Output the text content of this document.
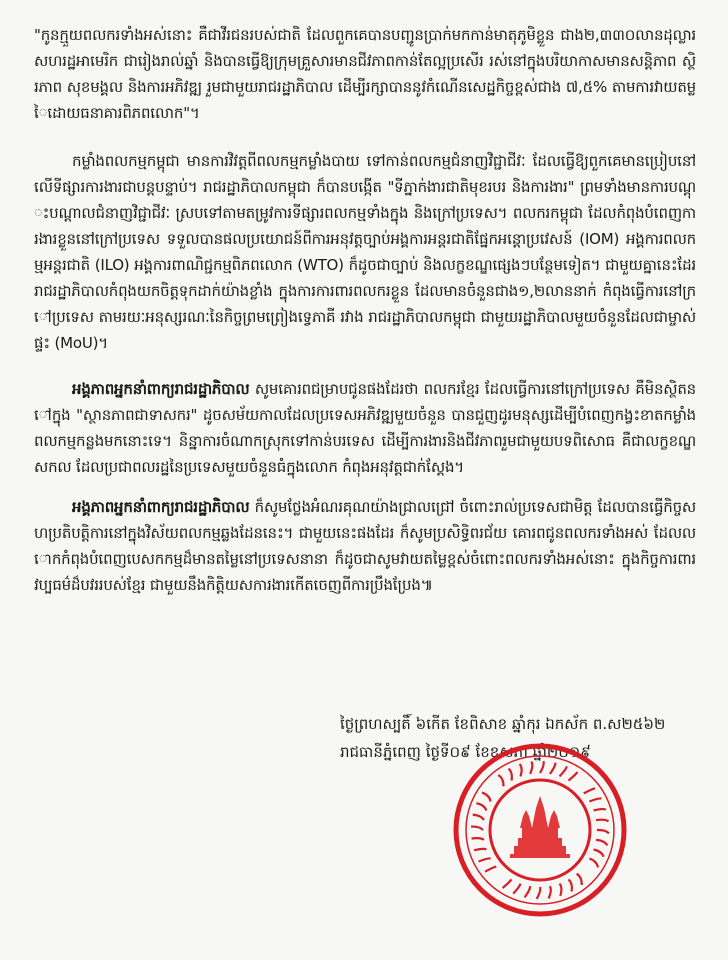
"កូនក្មួយពលករទាំងអស់នោះ គឺជាវីរជនរបស់ជាតិ ដែលពួកគេបានបញ្ជូនប្រាក់មកកាន់មាតុភូមិខ្លួន ជាង២,៣៣០លានដុល្លារសហរដ្ឋអាមេរិក ជារៀងរាល់ឆ្នាំ និងបានធ្វើឱ្យក្រុមគ្រួសារមានជីវភាពកាន់តែល្អប្រសើរ រស់នៅក្នុងបរិយាកាសមានសន្តិភាព ស្ថិរភាព សុខមង្គល និងការអភិវឌ្ឍ រួមជាមួយរាជរដ្ឋាភិបាល ដើម្បីរក្សាបាននូវកំណើនសេដ្ឋកិច្ចខ្ពស់ជាង ៧,៥% តាមការវាយតម្លៃដោយធនាគារពិភពលោក"។

កម្លាំងពលកម្មកម្ពុជា មានការវិវត្តពីពលកម្មកម្លាំងបាយ ទៅកាន់ពលកម្មជំនាញវិជ្ជាជីវៈ ដែលធ្វើឱ្យពួកគេមានប្រៀបនៅលើទីផ្សារការងារជាបន្តបន្ទាប់។ រាជរដ្ឋាភិបាលកម្ពុជា ក៏បានបង្កើត "ទីភ្នាក់ងារជាតិមុខរបរ និងការងារ" ព្រមទាំងមានការបណ្តុះបណ្តាលជំនាញវិជ្ជាជីវៈ ស្របទៅតាមតម្រូវការទីផ្សារពលកម្មទាំងក្នុង និងក្រៅប្រទេស។ ពលករកម្ពុជា ដែលកំពុងបំពេញការងារខ្លួននៅក្រៅប្រទេស ទទួលបានផលប្រយោជន៍ពីការអនុវត្តច្បាប់អង្គការអន្តរជាតិផ្នែកអន្តោប្រវេសន៍ (IOM) អង្គការពលកម្មអន្តរជាតិ (ILO) អង្គការពាណិជ្ជកម្មពិភពលោក (WTO) ក៏ដូចជាច្បាប់ និងលក្ខខណ្ឌផ្សេងៗបន្ថែមទៀត។ ជាមួយគ្នានេះដែរ រាជរដ្ឋាភិបាលកំពុងយកចិត្តទុកដាក់យ៉ាងខ្លាំង ក្នុងការការពារពលករខ្លួន ដែលមានចំនួនជាង១,២លាននាក់ កំពុងធ្វើការនៅក្រៅប្រទេស តាមរយៈអនុស្សរណៈនៃកិច្ចព្រមព្រៀងទ្វេភាគី រវាង រាជរដ្ឋាភិបាលកម្ពុជា ជាមួយរដ្ឋាភិបាលមួយចំនួនដែលជាម្ចាស់ផ្ទះ (MoU)។

អង្គភាពអ្នកនាំពាក្យរាជរដ្ឋាភិបាល សូមគោរពជម្រាបជូនផងដែរថា ពលករខ្មែរ ដែលធ្វើការនៅក្រៅប្រទេស គឺមិនស្ថិតនៅក្នុង "ស្ថានភាពជាទាសករ" ដូចសម័យកាលដែលប្រទេសអភិវឌ្ឍមួយចំនួន បានជួញដូរមនុស្សដើម្បីបំពេញកង្វះខាតកម្លាំងពលកម្មកន្លងមកនោះទេ។ និន្នាការចំណាកស្រុកទៅកាន់បរទេស ដើម្បីការងារនិងជីវភាពរួមជាមួយបទពិសោធ គឺជាលក្ខខណ្ឌសកល ដែលប្រជាពលរដ្ឋនៃប្រទេសមួយចំនួនធំក្នុងលោក កំពុងអនុវត្តជាក់ស្តែង។

អង្គភាពអ្នកនាំពាក្យរាជរដ្ឋាភិបាល ក៏សូមថ្លែងអំណរគុណយ៉ាងជ្រាលជ្រៅ ចំពោះរាល់ប្រទេសជាមិត្ត ដែលបានធ្វើកិច្ចសហប្រតិបត្តិការនៅក្នុងវិស័យពលកម្មឆ្លងដែននេះ។ ជាមួយនេះផងដែរ ក៏សូមប្រសិទ្ធិពរជ័យ គោរពជូនពលករទាំងអស់ ដែលលោកកំពុងបំពេញបេសកកម្មដ៏មានតម្លៃនៅប្រទេសនានា ក៏ដូចជាសូមវាយតម្លៃខ្ពស់ចំពោះពលករទាំងអស់នោះ ក្នុងកិច្ចការពារវប្បធម៌ដ៏បវររបស់ខ្មែរ ជាមួយនឹងកិត្តិយសការងារកើតចេញពីការប្រឹងប្រែង៕

ថ្ងៃព្រហស្បតិ៍ ៦កើត ខែពិសាខ ឆ្នាំកុរ ឯកស័ក ព.ស២៥៦២
រាជធានីភ្នំពេញ ថ្ងៃទី០៩ ខែឧសភា ឆ្នាំ២០១៩
